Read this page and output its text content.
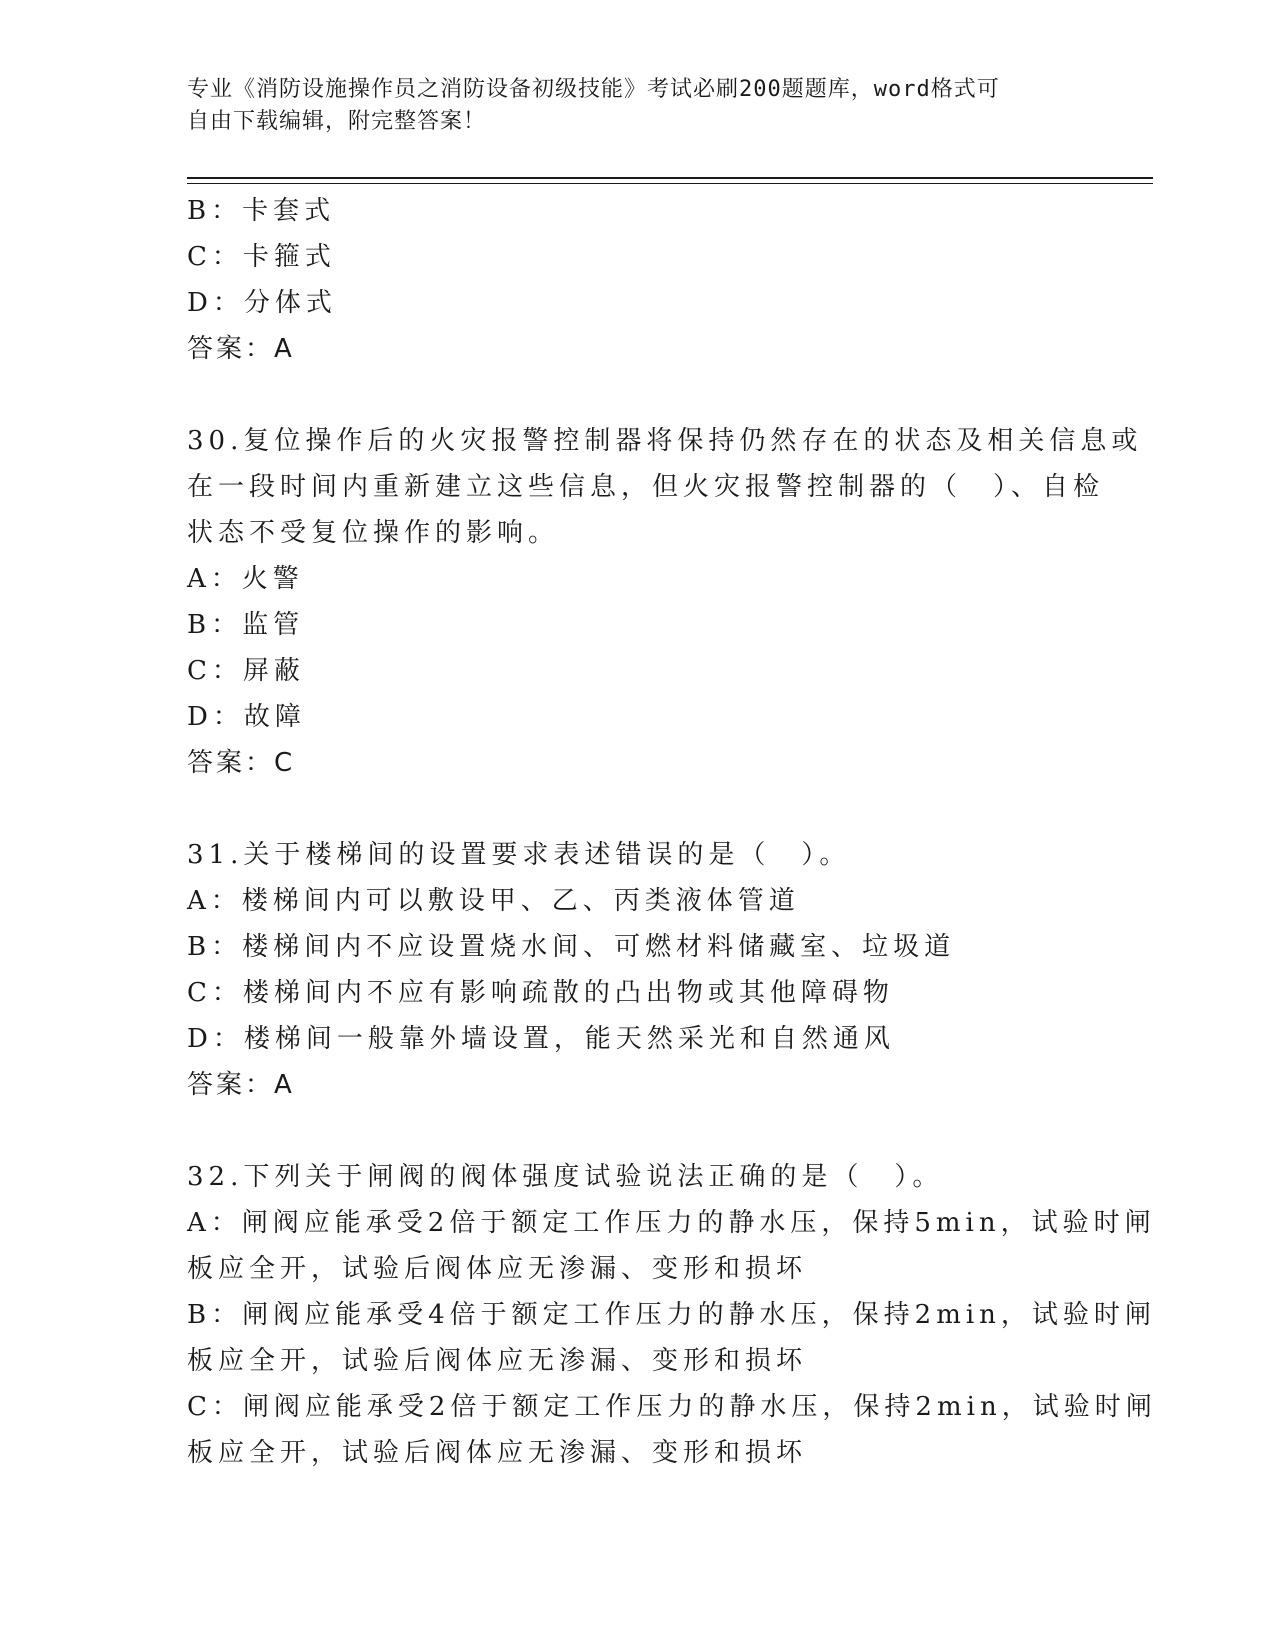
专业《消防设施操作员之消防设备初级技能》考试必刷200题题库，word格式可
自由下载编辑，附完整答案！

B：卡套式

C：卡箍式

D：分体式

答案：A

30.复位操作后的火灾报警控制器将保持仍然存在的状态及相关信息或

在一段时间内重新建立这些信息，但火灾报警控制器的（　）、自检

状态不受复位操作的影响。

A：火警

B：监管

C：屏蔽

D：故障

答案：C

31.关于楼梯间的设置要求表述错误的是（　）。

A：楼梯间内可以敷设甲、乙、丙类液体管道

B：楼梯间内不应设置烧水间、可燃材料储藏室、垃圾道

C：楼梯间内不应有影响疏散的凸出物或其他障碍物

D：楼梯间一般靠外墙设置，能天然采光和自然通风

答案：A

32.下列关于闸阀的阀体强度试验说法正确的是（　）。

A：闸阀应能承受2倍于额定工作压力的静水压，保持5min，试验时闸

板应全开，试验后阀体应无渗漏、变形和损坏

B：闸阀应能承受4倍于额定工作压力的静水压，保持2min，试验时闸

板应全开，试验后阀体应无渗漏、变形和损坏

C：闸阀应能承受2倍于额定工作压力的静水压，保持2min，试验时闸

板应全开，试验后阀体应无渗漏、变形和损坏
